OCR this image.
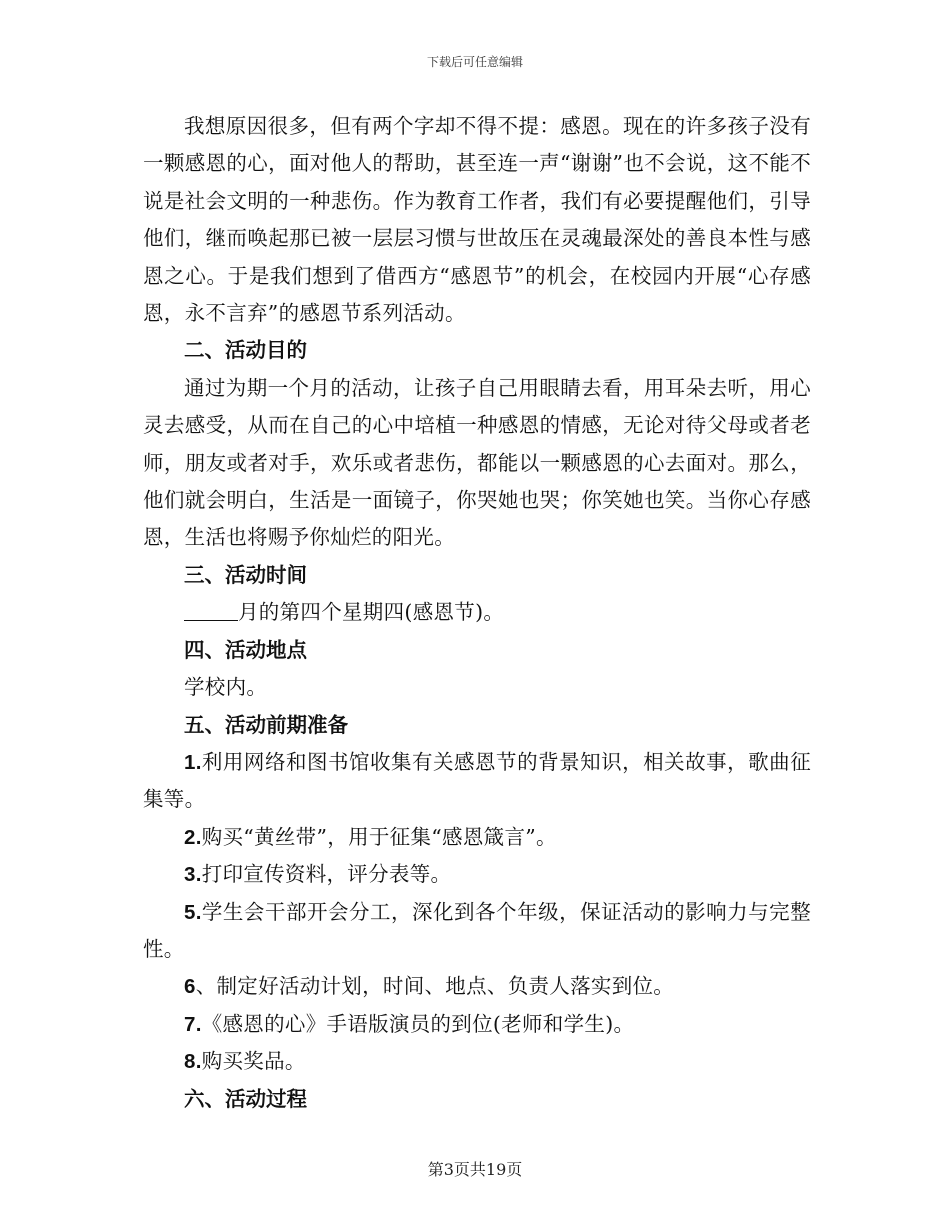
下载后可任意编辑

我想原因很多，但有两个字却不得不提：感恩。现在的许多孩子没有一颗感恩的心，面对他人的帮助，甚至连一声“谢谢”也不会说，这不能不说是社会文明的一种悲伤。作为教育工作者，我们有必要提醒他们，引导他们，继而唤起那已被一层层习惯与世故压在灵魂最深处的善良本性与感恩之心。于是我们想到了借西方“感恩节”的机会，在校园内开展“心存感恩，永不言弃”的感恩节系列活动。

二、活动目的

通过为期一个月的活动，让孩子自己用眼睛去看，用耳朵去听，用心灵去感受，从而在自己的心中培植一种感恩的情感，无论对待父母或者老师，朋友或者对手，欢乐或者悲伤，都能以一颗感恩的心去面对。那么，他们就会明白，生活是一面镜子，你哭她也哭；你笑她也笑。当你心存感恩，生活也将赐予你灿烂的阳光。

三、活动时间

月的第四个星期四(感恩节)。

四、活动地点

学校内。

五、活动前期准备

1.利用网络和图书馆收集有关感恩节的背景知识，相关故事，歌曲征集等。

2.购买“黄丝带”，用于征集“感恩箴言”。

3.打印宣传资料，评分表等。

5.学生会干部开会分工，深化到各个年级，保证活动的影响力与完整性。

6、制定好活动计划，时间、地点、负责人落实到位。

7.《感恩的心》手语版演员的到位(老师和学生)。

8.购买奖品。

六、活动过程

第3页共19页
